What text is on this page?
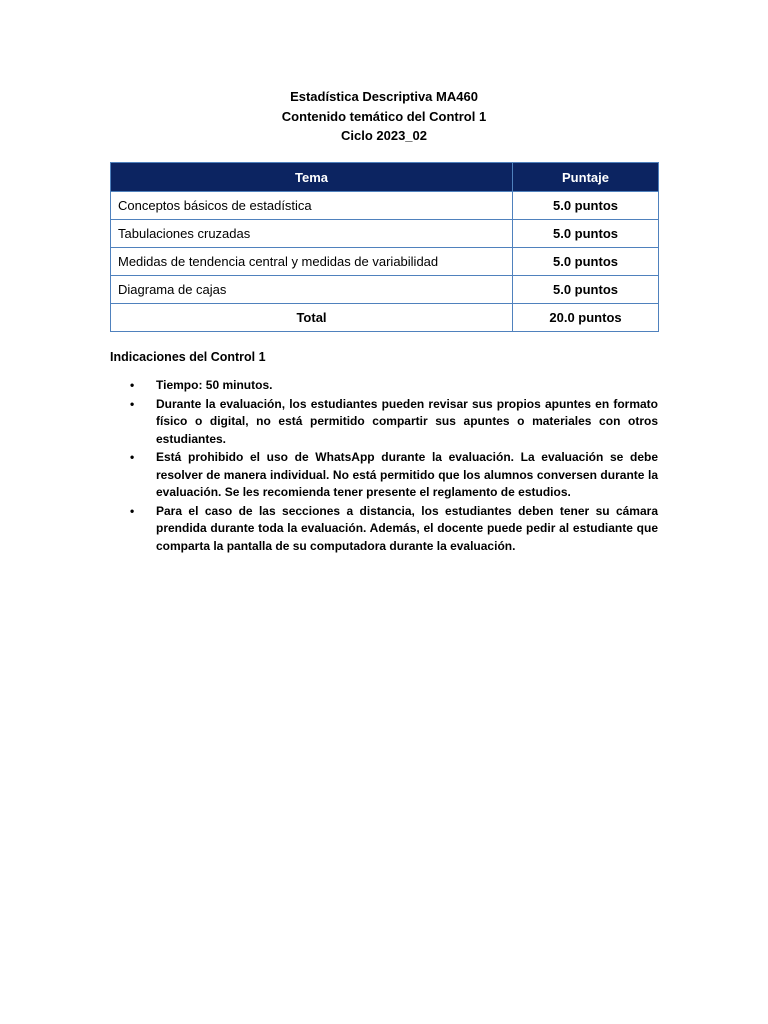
Estadística Descriptiva MA460
Contenido temático del Control 1
Ciclo 2023_02
Tema	Puntaje
Conceptos básicos de estadística	5.0 puntos
Tabulaciones cruzadas	5.0 puntos
Medidas de tendencia central y medidas de variabilidad	5.0 puntos
Diagrama de cajas	5.0 puntos
Total	20.0 puntos
Indicaciones del Control 1
• Tiempo: 50 minutos.
• Durante la evaluación, los estudiantes pueden revisar sus propios apuntes en formato físico o digital, no está permitido compartir sus apuntes o materiales con otros estudiantes.
• Está prohibido el uso de WhatsApp durante la evaluación. La evaluación se debe resolver de manera individual. No está permitido que los alumnos conversen durante la evaluación. Se les recomienda tener presente el reglamento de estudios.
• Para el caso de las secciones a distancia, los estudiantes deben tener su cámara prendida durante toda la evaluación. Además, el docente puede pedir al estudiante que comparta la pantalla de su computadora durante la evaluación.
